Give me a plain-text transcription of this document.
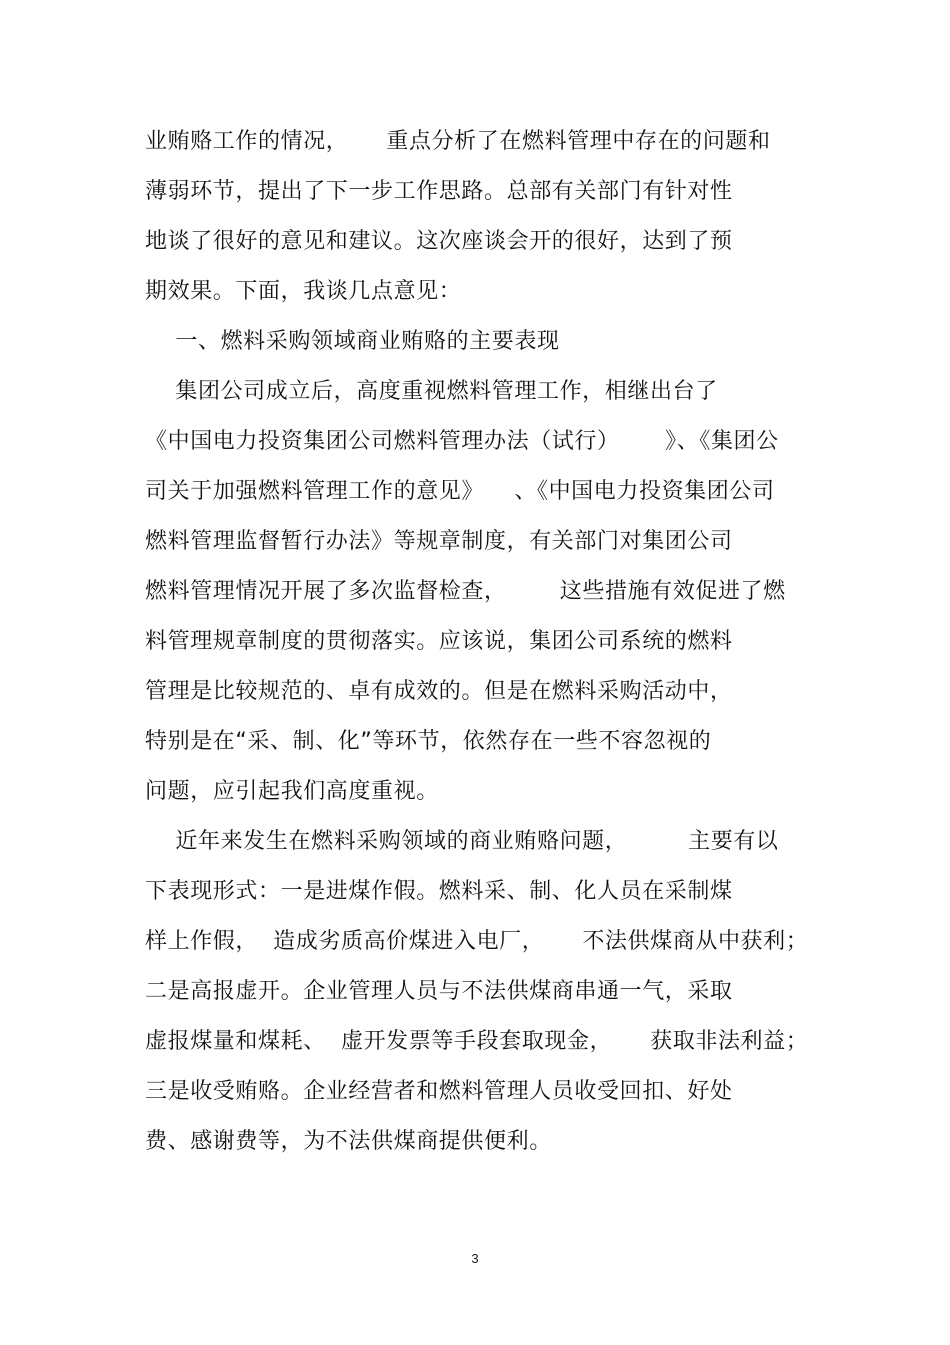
业贿赂工作的情况，     重点分析了在燃料管理中存在的问题和
薄弱环节，提出了下一步工作思路。总部有关部门有针对性
地谈了很好的意见和建议。这次座谈会开的很好，达到了预
期效果。下面，我谈几点意见：
一、燃料采购领域商业贿赂的主要表现
集团公司成立后，高度重视燃料管理工作，相继出台了
《中国电力投资集团公司燃料管理办法（试行）      》、《集团公
司关于加强燃料管理工作的意见》    、《中国电力投资集团公司
燃料管理监督暂行办法》等规章制度，有关部门对集团公司
燃料管理情况开展了多次监督检查，       这些措施有效促进了燃
料管理规章制度的贯彻落实。应该说，集团公司系统的燃料
管理是比较规范的、卓有成效的。但是在燃料采购活动中，
特别是在“采、制、化”等环节，依然存在一些不容忽视的
问题，应引起我们高度重视。
近年来发生在燃料采购领域的商业贿赂问题，        主要有以
下表现形式：一是进煤作假。燃料采、制、化人员在采制煤
样上作假，  造成劣质高价煤进入电厂，     不法供煤商从中获利；
二是高报虚开。企业管理人员与不法供煤商串通一气，采取
虚报煤量和煤耗、  虚开发票等手段套取现金，     获取非法利益；
三是收受贿赂。企业经营者和燃料管理人员收受回扣、好处
费、感谢费等，为不法供煤商提供便利。
3
